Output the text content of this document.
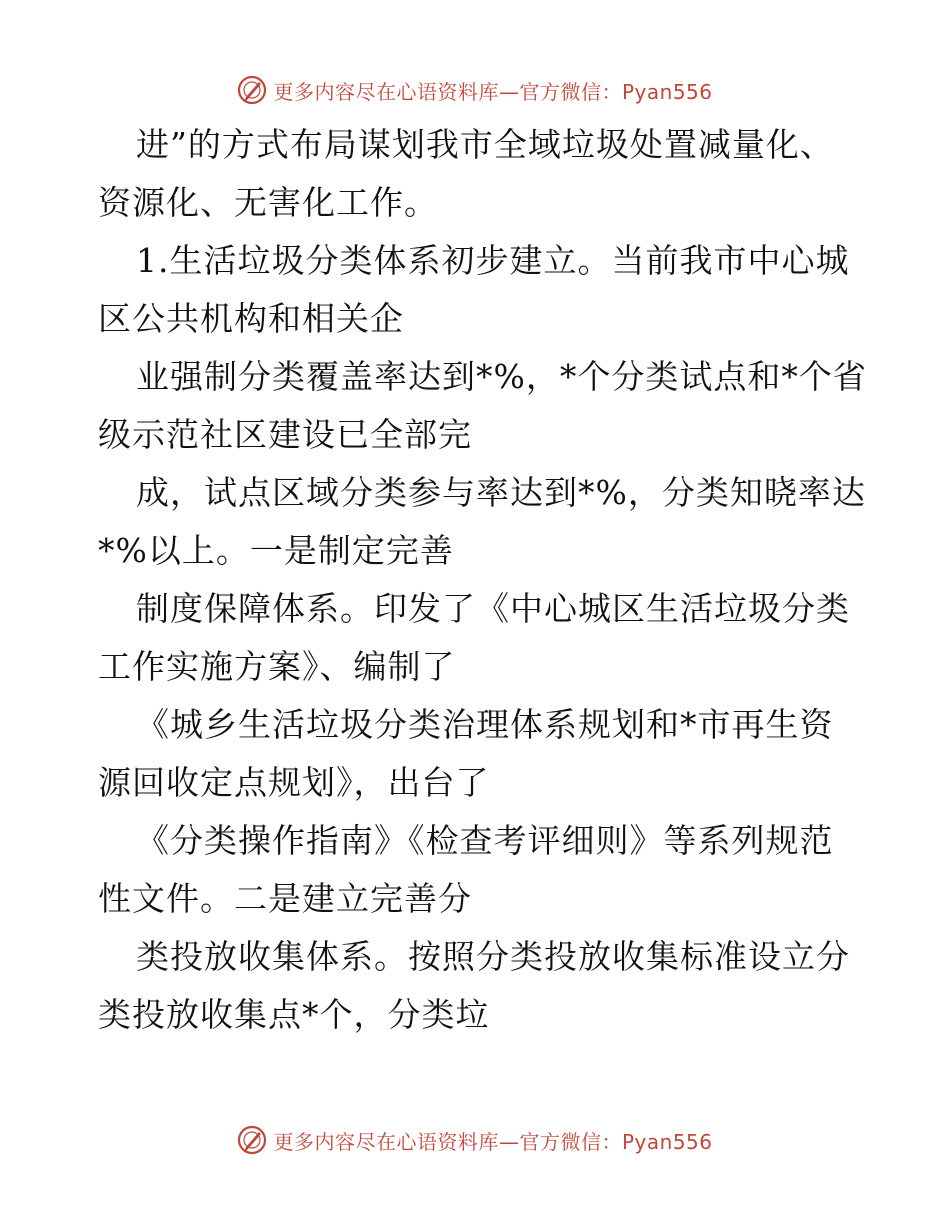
更多内容尽在心语资料库—官方微信：Pyan556
进”的方式布局谋划我市全域垃圾处置减量化、
资源化、无害化工作。
1.生活垃圾分类体系初步建立。当前我市中心城
区公共机构和相关企
业强制分类覆盖率达到*%，*个分类试点和*个省
级示范社区建设已全部完
成，试点区域分类参与率达到*%，分类知晓率达
*%以上。一是制定完善
制度保障体系。印发了《中心城区生活垃圾分类
工作实施方案》、编制了
《城乡生活垃圾分类治理体系规划和*市再生资
源回收定点规划》，出台了
《分类操作指南》《检查考评细则》等系列规范
性文件。二是建立完善分
类投放收集体系。按照分类投放收集标准设立分
类投放收集点*个，分类垃
更多内容尽在心语资料库—官方微信：Pyan556
